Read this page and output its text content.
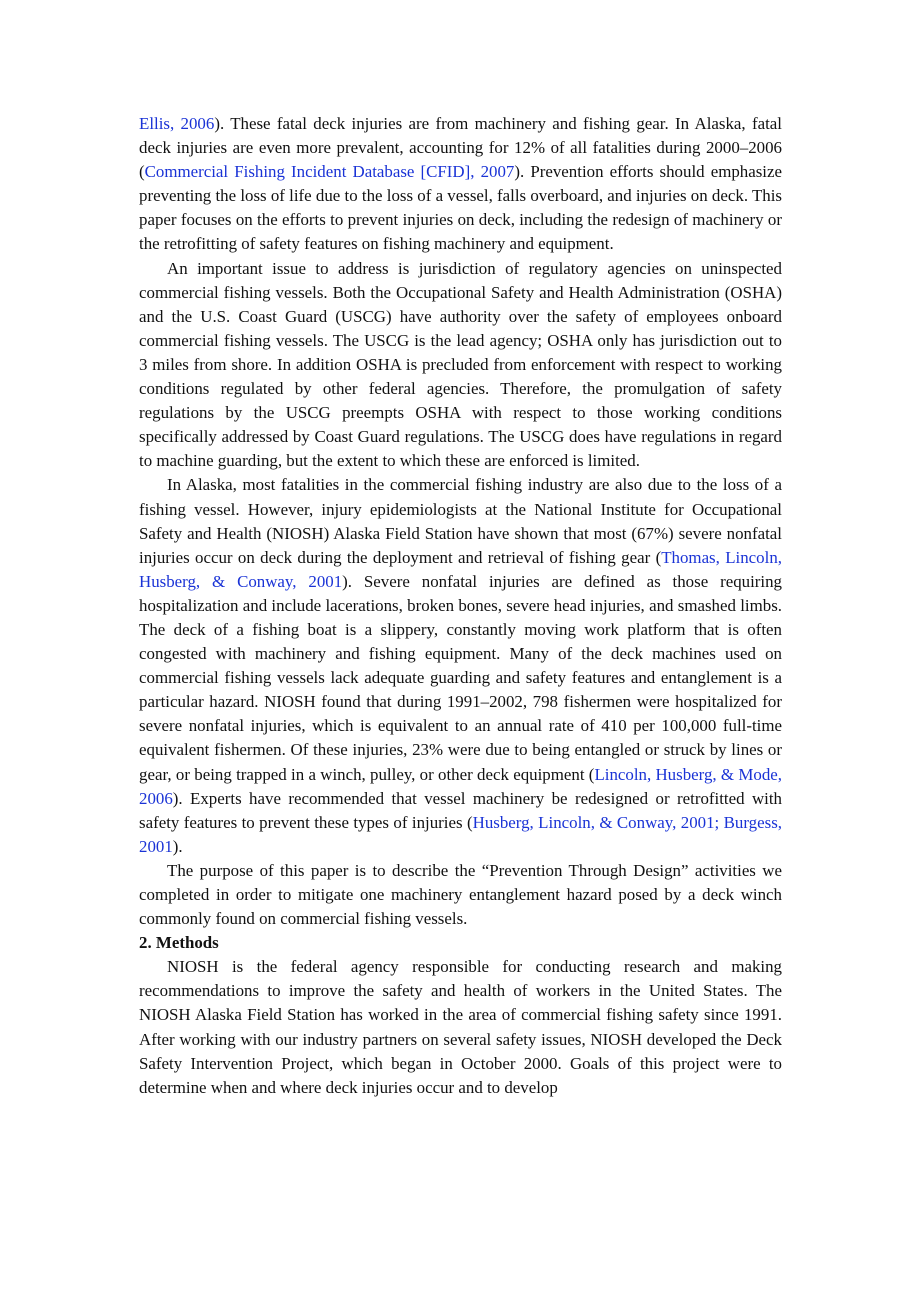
Ellis, 2006). These fatal deck injuries are from machinery and fishing gear. In Alaska, fatal deck injuries are even more prevalent, accounting for 12% of all fatalities during 2000–2006 (Commercial Fishing Incident Database [CFID], 2007). Prevention efforts should emphasize preventing the loss of life due to the loss of a vessel, falls overboard, and injuries on deck. This paper focuses on the efforts to prevent injuries on deck, including the redesign of machinery or the retrofitting of safety features on fishing machinery and equipment.

An important issue to address is jurisdiction of regulatory agencies on uninspected commercial fishing vessels. Both the Occupational Safety and Health Administration (OSHA) and the U.S. Coast Guard (USCG) have authority over the safety of employees onboard commercial fishing vessels. The USCG is the lead agency; OSHA only has jurisdiction out to 3 miles from shore. In addition OSHA is precluded from enforcement with respect to working conditions regulated by other federal agencies. Therefore, the promulgation of safety regulations by the USCG preempts OSHA with respect to those working conditions specifically addressed by Coast Guard regulations. The USCG does have regulations in regard to machine guarding, but the extent to which these are enforced is limited.

In Alaska, most fatalities in the commercial fishing industry are also due to the loss of a fishing vessel. However, injury epidemiologists at the National Institute for Occupational Safety and Health (NIOSH) Alaska Field Station have shown that most (67%) severe nonfatal injuries occur on deck during the deployment and retrieval of fishing gear (Thomas, Lincoln, Husberg, & Conway, 2001). Severe nonfatal injuries are defined as those requiring hospitalization and include lacerations, broken bones, severe head injuries, and smashed limbs. The deck of a fishing boat is a slippery, constantly moving work platform that is often congested with machinery and fishing equipment. Many of the deck machines used on commercial fishing vessels lack adequate guarding and safety features and entanglement is a particular hazard. NIOSH found that during 1991–2002, 798 fishermen were hospitalized for severe nonfatal injuries, which is equivalent to an annual rate of 410 per 100,000 full-time equivalent fishermen. Of these injuries, 23% were due to being entangled or struck by lines or gear, or being trapped in a winch, pulley, or other deck equipment (Lincoln, Husberg, & Mode, 2006). Experts have recommended that vessel machinery be redesigned or retrofitted with safety features to prevent these types of injuries (Husberg, Lincoln, & Conway, 2001; Burgess, 2001).

The purpose of this paper is to describe the “Prevention Through Design” activities we completed in order to mitigate one machinery entanglement hazard posed by a deck winch commonly found on commercial fishing vessels.

2. Methods

NIOSH is the federal agency responsible for conducting research and making recommendations to improve the safety and health of workers in the United States. The NIOSH Alaska Field Station has worked in the area of commercial fishing safety since 1991. After working with our industry partners on several safety issues, NIOSH developed the Deck Safety Intervention Project, which began in October 2000. Goals of this project were to determine when and where deck injuries occur and to develop
